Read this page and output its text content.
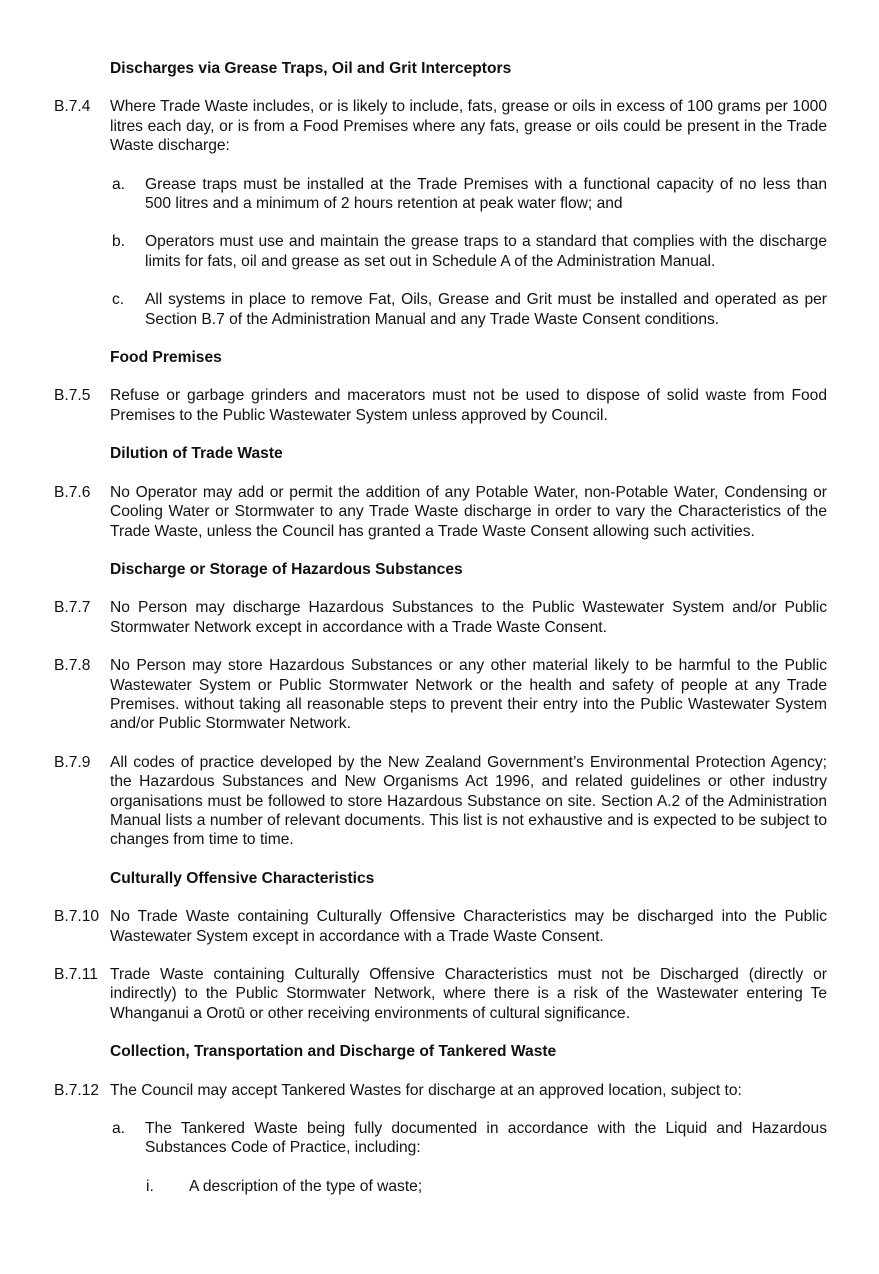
Discharges via Grease Traps, Oil and Grit Interceptors
B.7.4 Where Trade Waste includes, or is likely to include, fats, grease or oils in excess of 100 grams per 1000 litres each day, or is from a Food Premises where any fats, grease or oils could be present in the Trade Waste discharge:
a. Grease traps must be installed at the Trade Premises with a functional capacity of no less than 500 litres and a minimum of 2 hours retention at peak water flow; and
b. Operators must use and maintain the grease traps to a standard that complies with the discharge limits for fats, oil and grease as set out in Schedule A of the Administration Manual.
c. All systems in place to remove Fat, Oils, Grease and Grit must be installed and operated as per Section B.7 of the Administration Manual and any Trade Waste Consent conditions.
Food Premises
B.7.5 Refuse or garbage grinders and macerators must not be used to dispose of solid waste from Food Premises to the Public Wastewater System unless approved by Council.
Dilution of Trade Waste
B.7.6 No Operator may add or permit the addition of any Potable Water, non-Potable Water, Condensing or Cooling Water or Stormwater to any Trade Waste discharge in order to vary the Characteristics of the Trade Waste, unless the Council has granted a Trade Waste Consent allowing such activities.
Discharge or Storage of Hazardous Substances
B.7.7 No Person may discharge Hazardous Substances to the Public Wastewater System and/or Public Stormwater Network except in accordance with a Trade Waste Consent.
B.7.8 No Person may store Hazardous Substances or any other material likely to be harmful to the Public Wastewater System or Public Stormwater Network or the health and safety of people at any Trade Premises. without taking all reasonable steps to prevent their entry into the Public Wastewater System and/or Public Stormwater Network.
B.7.9 All codes of practice developed by the New Zealand Government’s Environmental Protection Agency; the Hazardous Substances and New Organisms Act 1996, and related guidelines or other industry organisations must be followed to store Hazardous Substance on site. Section A.2 of the Administration Manual lists a number of relevant documents. This list is not exhaustive and is expected to be subject to changes from time to time.
Culturally Offensive Characteristics
B.7.10 No Trade Waste containing Culturally Offensive Characteristics may be discharged into the Public Wastewater System except in accordance with a Trade Waste Consent.
B.7.11 Trade Waste containing Culturally Offensive Characteristics must not be Discharged (directly or indirectly) to the Public Stormwater Network, where there is a risk of the Wastewater entering Te Whanganui a Orotū or other receiving environments of cultural significance.
Collection, Transportation and Discharge of Tankered Waste
B.7.12 The Council may accept Tankered Wastes for discharge at an approved location, subject to:
a. The Tankered Waste being fully documented in accordance with the Liquid and Hazardous Substances Code of Practice, including:
i. A description of the type of waste;
